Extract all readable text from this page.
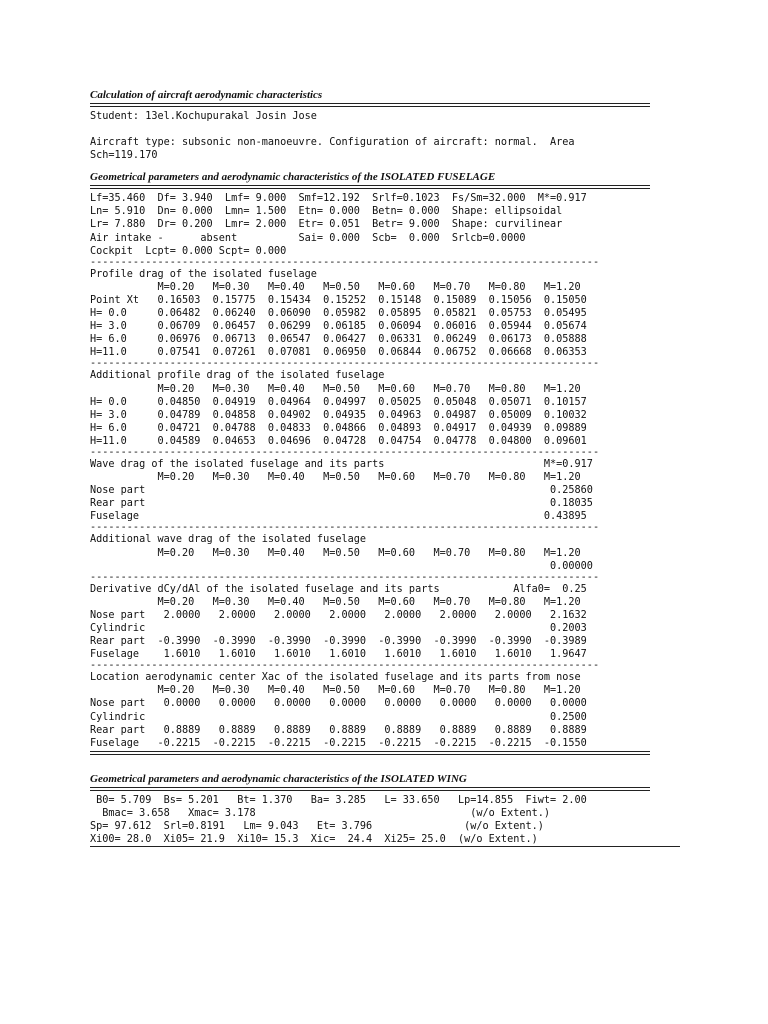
Calculation of aircraft aerodynamic characteristics
Student: 13el.Kochupurakal Josin Jose
Aircraft type: subsonic non-manoeuvre. Configuration of aircraft: normal.  Area
Sch=119.170
Geometrical parameters and aerodynamic characteristics of the ISOLATED FUSELAGE
Lf=35.460  Df= 3.940  Lmf= 9.000  Smf=12.192  Srlf=0.1023  Fs/Sm=32.000  M*=0.917
Ln= 5.910  Dn= 0.000  Lmn= 1.500  Etn= 0.000  Betn= 0.000  Shape: ellipsoidal
Lr= 7.880  Dr= 0.200  Lmr= 2.000  Etr= 0.051  Betr= 9.000  Shape: curvilinear
Air intake -      absent          Sai= 0.000  Scb=  0.000  Srlcb=0.0000
Cockpit  Lcpt= 0.000 Scpt= 0.000
-----------------------------------------------------------------------------------
Profile drag of the isolated fuselage
M=0.20   M=0.30   M=0.40   M=0.50   M=0.60   M=0.70   M=0.80   M=1.20
Point Xt   0.16503  0.15775  0.15434  0.15252  0.15148  0.15089  0.15056  0.15050
H= 0.0     0.06482  0.06240  0.06090  0.05982  0.05895  0.05821  0.05753  0.05495
H= 3.0     0.06709  0.06457  0.06299  0.06185  0.06094  0.06016  0.05944  0.05674
H= 6.0     0.06976  0.06713  0.06547  0.06427  0.06331  0.06249  0.06173  0.05888
H=11.0     0.07541  0.07261  0.07081  0.06950  0.06844  0.06752  0.06668  0.06353
-----------------------------------------------------------------------------------
Additional profile drag of the isolated fuselage
M=0.20   M=0.30   M=0.40   M=0.50   M=0.60   M=0.70   M=0.80   M=1.20
H= 0.0     0.04850  0.04919  0.04964  0.04997  0.05025  0.05048  0.05071  0.10157
H= 3.0     0.04789  0.04858  0.04902  0.04935  0.04963  0.04987  0.05009  0.10032
H= 6.0     0.04721  0.04788  0.04833  0.04866  0.04893  0.04917  0.04939  0.09889
H=11.0     0.04589  0.04653  0.04696  0.04728  0.04754  0.04778  0.04800  0.09601
-----------------------------------------------------------------------------------
Wave drag of the isolated fuselage and its parts                          M*=0.917
M=0.20   M=0.30   M=0.40   M=0.50   M=0.60   M=0.70   M=0.80   M=1.20
Nose part                                                                  0.25860
Rear part                                                                  0.18035
Fuselage                                                                  0.43895
-----------------------------------------------------------------------------------
Additional wave drag of the isolated fuselage
M=0.20   M=0.30   M=0.40   M=0.50   M=0.60   M=0.70   M=0.80   M=1.20
0.00000
-----------------------------------------------------------------------------------
Derivative dCy/dAl of the isolated fuselage and its parts            Alfa0=  0.25
M=0.20   M=0.30   M=0.40   M=0.50   M=0.60   M=0.70   M=0.80   M=1.20
Nose part   2.0000   2.0000   2.0000   2.0000   2.0000   2.0000   2.0000   2.1632
Cylindric                                                                  0.2003
Rear part  -0.3990  -0.3990  -0.3990  -0.3990  -0.3990  -0.3990  -0.3990  -0.3989
Fuselage    1.6010   1.6010   1.6010   1.6010   1.6010   1.6010   1.6010   1.9647
-----------------------------------------------------------------------------------
Location aerodynamic center Xac of the isolated fuselage and its parts from nose
M=0.20   M=0.30   M=0.40   M=0.50   M=0.60   M=0.70   M=0.80   M=1.20
Nose part   0.0000   0.0000   0.0000   0.0000   0.0000   0.0000   0.0000   0.0000
Cylindric                                                                  0.2500
Rear part   0.8889   0.8889   0.8889   0.8889   0.8889   0.8889   0.8889   0.8889
Fuselage   -0.2215  -0.2215  -0.2215  -0.2215  -0.2215  -0.2215  -0.2215  -0.1550
Geometrical parameters and aerodynamic characteristics of the ISOLATED WING
B0= 5.709  Bs= 5.201   Bt= 1.370   Ba= 3.285   L= 33.650   Lp=14.855  Fiwt= 2.00
Bmac= 3.658   Xmac= 3.178                                   (w/o Extent.)
Sp= 97.612  Srl=0.8191   Lm= 9.043   Et= 3.796               (w/o Extent.)
Xi00= 28.0  Xi05= 21.9  Xi10= 15.3  Xic=  24.4  Xi25= 25.0  (w/o Extent.)
